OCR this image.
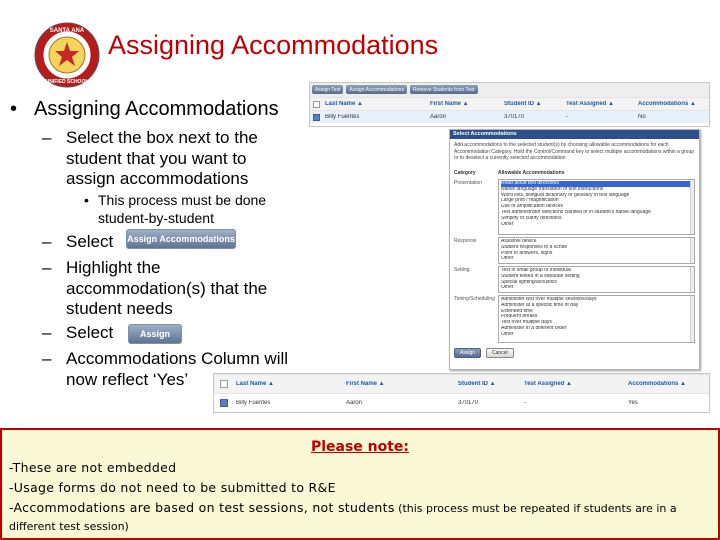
SANTA ANA
UNIFIED SCHOOL
Assigning Accommodations
• Assigning Accommodations
– Select the box next to the
student that you want to
assign accommodations
• This process must be done
student-by-student
– Select Assign Accommodations
– Highlight the
accommodation(s) that the
student needs
– Select	Assign
– Accommodations Column will
now reflect ‘Yes’
Assign Test	Assign Accommodations	Remove Students from Test
Last Name ▲	First Name ▲	Student ID ▲	Test Assigned ▲	Accommodations ▲
Billy Fuentes	Aaron	370170	-	No
Select Accommodations
Add accommodations to the selected student(s) by choosing allowable accommodations for each Accommodation Category. Hold the Control/Command key to select multiple accommodations within a group or to deselect a currently selected accommodation.
Category	Allowable Accommodations
Presentation	Read aloud test directions
Native language translation of test instructions
Word lists, bilingual dictionary or glossary in test language
Large print / magnification
Use of amplification devices
Test administrator directions clarified or in student's native language
Simplify or clarify directions
Other
Response	Assistive device
Student responses to a scribe
Point to answers, signs
Other
Setting	Test in small group or individual
Student tested in a separate setting
Special lighting/acoustics
Other
Timing/Scheduling	Administer test over multiple sessions/days
Administer at a specific time of day
Extended time
Frequent breaks
Test over multiple days
Administer in a different order
Other
Assign	Cancel
Last Name ▲	First Name ▲	Student ID ▲	Test Assigned ▲	Accommodations ▲
Billy Fuentes	Aaron	370170	-	Yes
Please note:
-These are not embedded
-Usage forms do not need to be submitted to R&E
-Accommodations are based on test sessions, not students (this process must be repeated if students are in a
different test session)
